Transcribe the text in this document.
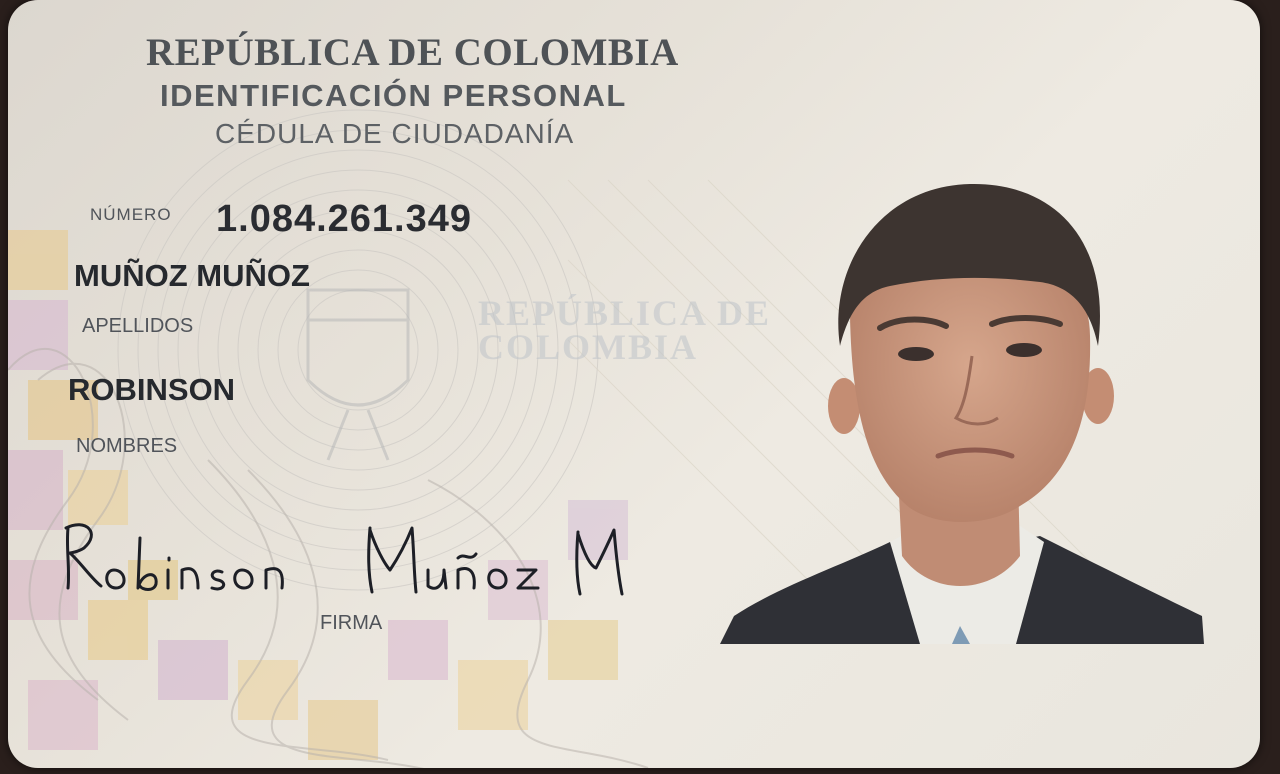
REPÚBLICA DE
COLOMBIA
REPÚBLICA DE COLOMBIA
IDENTIFICACIÓN PERSONAL
CÉDULA DE CIUDADANÍA
NÚMERO 1.084.261.349
MUÑOZ MUÑOZ
APELLIDOS
ROBINSON
NOMBRES
FIRMA
